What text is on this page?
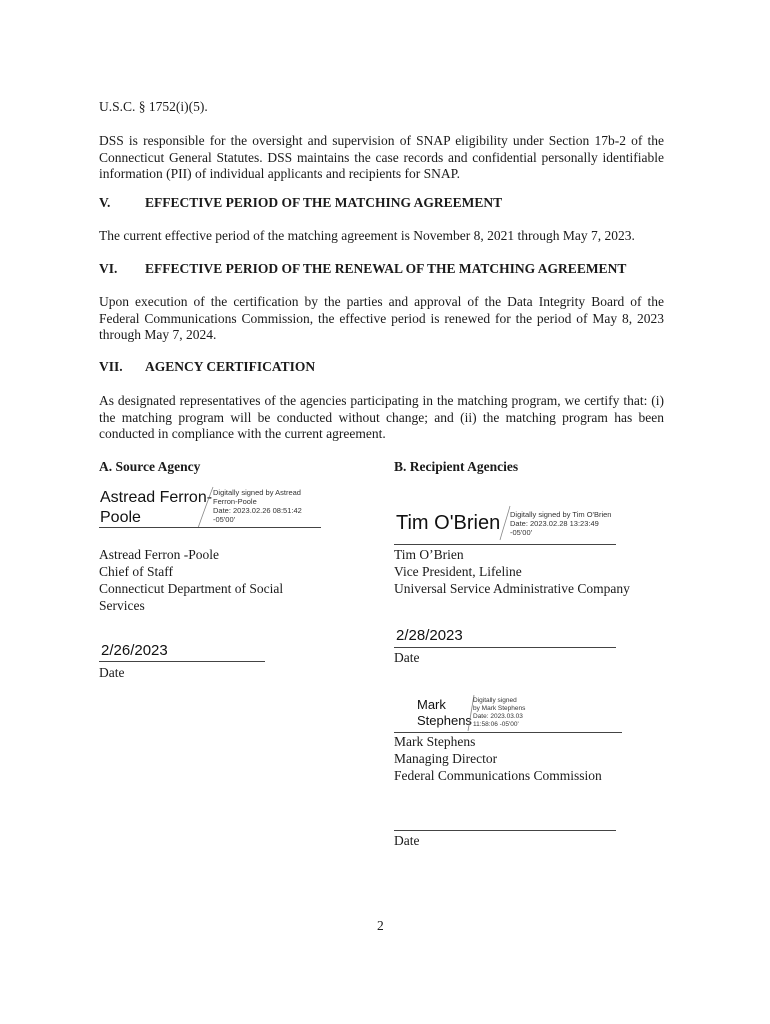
U.S.C. § 1752(i)(5).
DSS is responsible for the oversight and supervision of SNAP eligibility under Section 17b-2 of the Connecticut General Statutes. DSS maintains the case records and confidential personally identifiable information (PII) of individual applicants and recipients for SNAP.
V.	EFFECTIVE PERIOD OF THE MATCHING AGREEMENT
The current effective period of the matching agreement is November 8, 2021 through May 7, 2023.
VI. EFFECTIVE PERIOD OF THE RENEWAL OF THE MATCHING AGREEMENT
Upon execution of the certification by the parties and approval of the Data Integrity Board of the Federal Communications Commission, the effective period is renewed for the period of May 8, 2023 through May 7, 2024.
VII. AGENCY CERTIFICATION
As designated representatives of the agencies participating in the matching program, we certify that: (i) the matching program will be conducted without change; and (ii) the matching program has been conducted in compliance with the current agreement.
A. Source Agency	B. Recipient Agencies
Astread Ferron-
Poole
Digitally signed by Astread
Ferron-Poole
Date: 2023.02.26 08:51:42
-05'00'
Astread Ferron -Poole
Chief of Staff
Connecticut Department of Social
Services
2/26/2023
Date
Tim O'Brien Digitally signed by Tim O'Brien
Date: 2023.02.28 13:23:49
-05'00'
Tim O’Brien
Vice President, Lifeline
Universal Service Administrative Company
2/28/2023
Date
Mark
Stephens
Digitally signed
by Mark Stephens
Date: 2023.03.03
11:58:06 -05'00'
Mark Stephens
Managing Director
Federal Communications Commission
Date
2
